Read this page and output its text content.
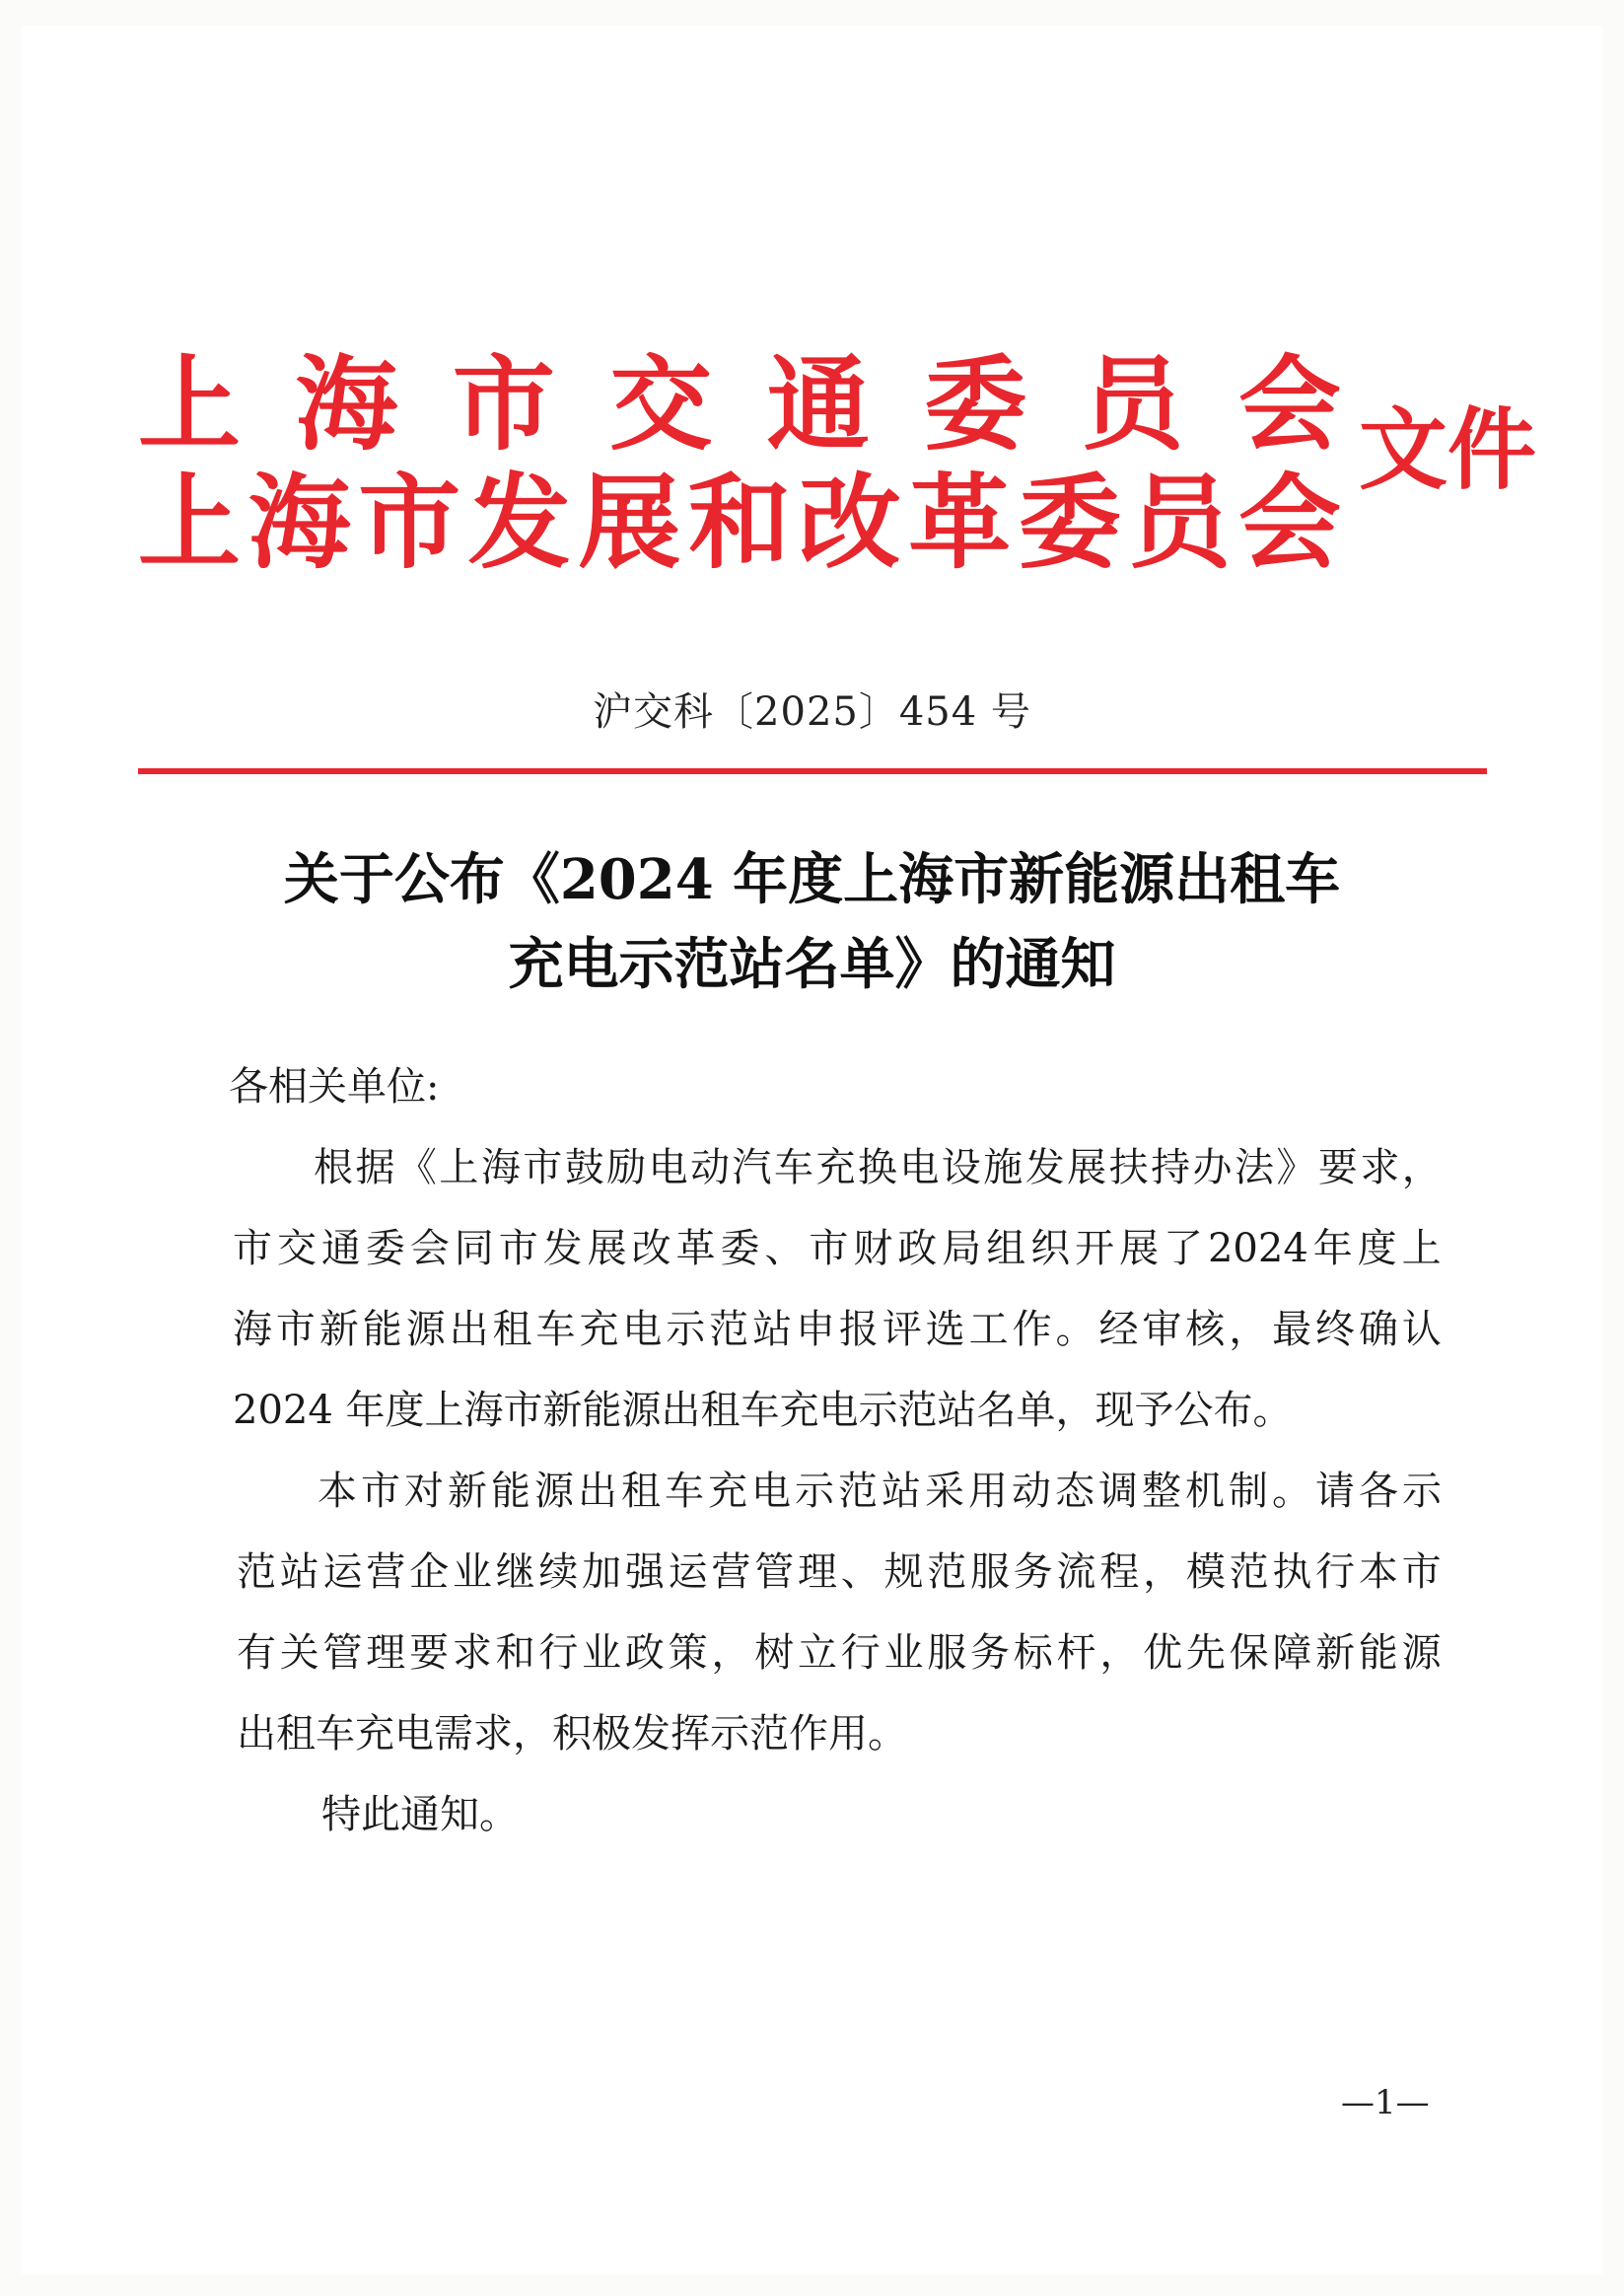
上 海 市 交 通 委 员 会
上 海 市 发 展 和 改 革 委 员 会
文件
沪交科〔2025〕454 号
关于公布《2024 年度上海市新能源出租车
充电示范站名单》的通知
各相关单位:
根 据 《 上 海 市 鼓 励 电 动 汽 车 充 换 电 设 施 发 展 扶 持 办 法 》 要 求 ，
市 交 通 委 会 同 市 发 展 改 革 委 、 市 财 政 局 组 织 开 展 了 2024 年 度 上
海 市 新 能 源 出 租 车 充 电 示 范 站 申 报 评 选 工 作 。 经 审 核 ， 最 终 确 认
2024 年度上海市新能源出租车充电示范站名单，现予公布。
本 市 对 新 能 源 出 租 车 充 电 示 范 站 采 用 动 态 调 整 机 制 。 请 各 示
范 站 运 营 企 业 继 续 加 强 运 营 管 理 、 规 范 服 务 流 程 ， 模 范 执 行 本 市
有 关 管 理 要 求 和 行 业 政 策 ， 树 立 行 业 服 务 标 杆 ， 优 先 保 障 新 能 源
出租车充电需求，积极发挥示范作用。
特此通知。
—1—
